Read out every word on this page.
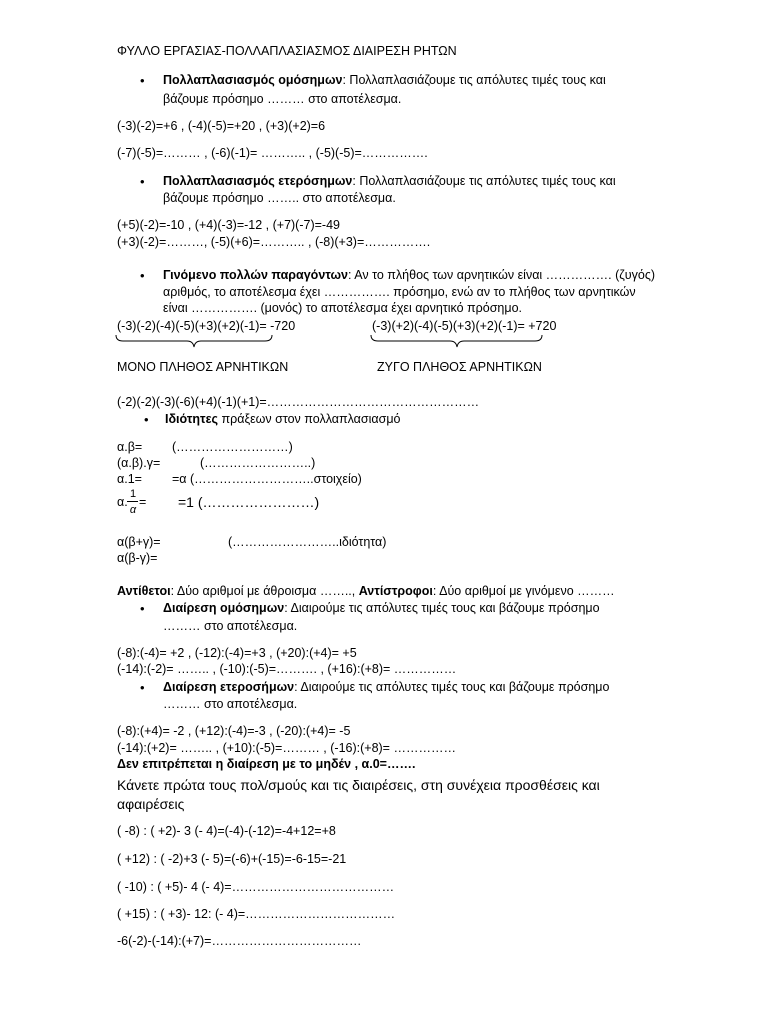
ΦΥΛΛΟ ΕΡΓΑΣΙΑΣ-ΠΟΛΛΑΠΛΑΣΙΑΣΜΟΣ ΔΙΑΙΡΕΣΗ ΡΗΤΩΝ
• Πολλαπλασιασμός ομόσημων: Πολλαπλασιάζουμε τις απόλυτες τιμές τους και
βάζουμε πρόσημο ……… στο αποτέλεσμα.
(-3)(-2)=+6 , (-4)(-5)=+20 , (+3)(+2)=6
(-7)(-5)=……… , (-6)(-1)= ……….. , (-5)(-5)=…………….
• Πολλαπλασιασμός ετερόσημων: Πολλαπλασιάζουμε τις απόλυτες τιμές τους και
βάζουμε πρόσημο …….. στο αποτέλεσμα.
(+5)(-2)=-10 , (+4)(-3)=-12 , (+7)(-7)=-49
(+3)(-2)=………, (-5)(+6)=……….. , (-8)(+3)=…………….
• Γινόμενο πολλών παραγόντων: Αν το πλήθος των αρνητικών είναι ……………. (ζυγός)
αριθμός, το αποτέλεσμα έχει ……………. πρόσημο, ενώ αν το πλήθος των αρνητικών
είναι ……………. (μονός) το αποτέλεσμα έχει αρνητικό πρόσημο.
(-3)(-2)(-4)(-5)(+3)(+2)(-1)= -720	(-3)(+2)(-4)(-5)(+3)(+2)(-1)= +720
ΜΟΝΟ ΠΛΗΘΟΣ ΑΡΝΗΤΙΚΩΝ	ΖΥΓΟ ΠΛΗΘΟΣ ΑΡΝΗΤΙΚΩΝ
(-2)(-2)(-3)(-6)(+4)(-1)(+1)=……………………………………………
• Ιδιότητες πράξεων στον πολλαπλασιασμό
α.β= (………………………)
(α.β).γ=	(……………………..)
α.1= =α (………………………..στοιχείο)
α.
1
α
= =1 (……………………)
α(β+γ)=	(……………………..ιδιότητα)
α(β-γ)=
Αντίθετοι: Δύο αριθμοί με άθροισμα …….., Αντίστροφοι: Δύο αριθμοί με γινόμενο ………
• Διαίρεση ομόσημων: Διαιρούμε τις απόλυτες τιμές τους και βάζουμε πρόσημο
……… στο αποτέλεσμα.
(-8):(-4)= +2 , (-12):(-4)=+3 , (+20):(+4)= +5
(-14):(-2)= …….. , (-10):(-5)=………. , (+16):(+8)= ……………
• Διαίρεση ετεροσήμων: Διαιρούμε τις απόλυτες τιμές τους και βάζουμε πρόσημο
……… στο αποτέλεσμα.
(-8):(+4)= -2 , (+12):(-4)=-3 , (-20):(+4)= -5
(-14):(+2)= …….. , (+10):(-5)=……… , (-16):(+8)= ……………
Δεν επιτρέπεται η διαίρεση με το μηδέν , α.0=…….
Κάνετε πρώτα τους πολ/σμούς και τις διαιρέσεις, στη συνέχεια προσθέσεις και
αφαιρέσεις
( -8) : ( +2)- 3 (- 4)=(-4)-(-12)=-4+12=+8
( +12) : ( -2)+3 (- 5)=(-6)+(-15)=-6-15=-21
( -10) : ( +5)- 4 (- 4)=…………………………………
( +15) : ( +3)- 12: (- 4)=………………………………
-6(-2)-(-14):(+7)=………………………………
